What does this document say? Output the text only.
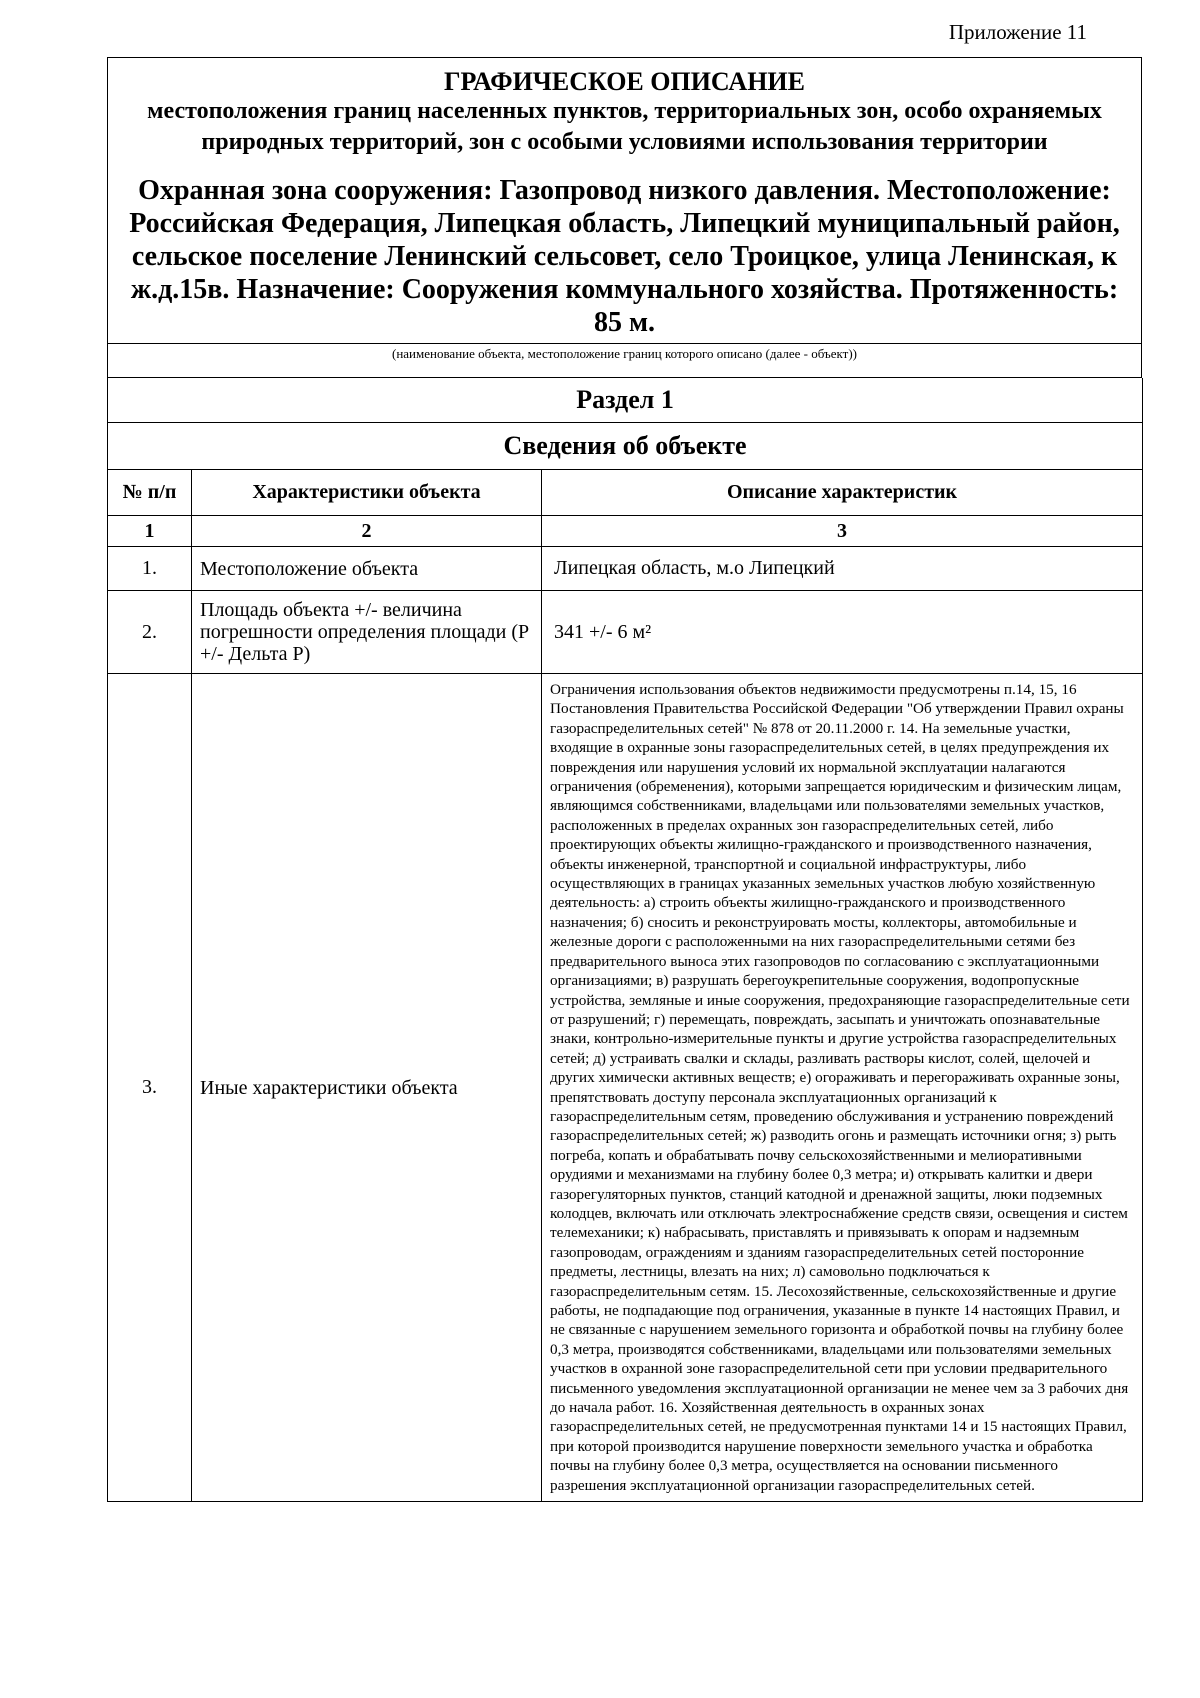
Приложение 11
ГРАФИЧЕСКОЕ ОПИСАНИЕ
местоположения границ населенных пунктов, территориальных зон, особо охраняемых природных территорий, зон с особыми условиями использования территории
Охранная зона сооружения: Газопровод низкого давления. Местоположение: Российская Федерация, Липецкая область, Липецкий муниципальный район, сельское поселение Ленинский сельсовет, село Троицкое, улица Ленинская, к ж.д.15в. Назначение: Сооружения коммунального хозяйства. Протяженность: 85 м.
(наименование объекта, местоположение границ которого описано (далее - объект))
Раздел 1		
Сведения об объекте		
№ п/п	Характеристики объекта	Описание характеристик
1	2	3
1.	Местоположение объекта	Липецкая область, м.о Липецкий
2.	Площадь объекта +/- величина погрешности определения площади (Р +/- Дельта Р)	341 +/- 6 м²
3.	Иные характеристики объекта	Ограничения использования объектов недвижимости предусмотрены п.14, 15, 16 Постановления Правительства Российской Федерации "Об утверждении Правил охраны газораспределительных сетей" № 878 от 20.11.2000 г. 14. На земельные участки, входящие в охранные зоны газораспределительных сетей, в целях предупреждения их повреждения или нарушения условий их нормальной эксплуатации налагаются ограничения (обременения), которыми запрещается юридическим и физическим лицам, являющимся собственниками, владельцами или пользователями земельных участков, расположенных в пределах охранных зон газораспределительных сетей, либо проектирующих объекты жилищно-гражданского и производственного назначения, объекты инженерной, транспортной и социальной инфраструктуры, либо осуществляющих в границах указанных земельных участков любую хозяйственную деятельность: а) строить объекты жилищно-гражданского и производственного назначения; б) сносить и реконструировать мосты, коллекторы, автомобильные и железные дороги с расположенными на них газораспределительными сетями без предварительного выноса этих газопроводов по согласованию с эксплуатационными организациями; в) разрушать берегоукрепительные сооружения, водопропускные устройства, земляные и иные сооружения, предохраняющие газораспределительные сети от разрушений; г) перемещать, повреждать, засыпать и уничтожать опознавательные знаки, контрольно-измерительные пункты и другие устройства газораспределительных сетей; д) устраивать свалки и склады, разливать растворы кислот, солей, щелочей и других химически активных веществ; е) огораживать и перегораживать охранные зоны, препятствовать доступу персонала эксплуатационных организаций к газораспределительным сетям, проведению обслуживания и устранению повреждений газораспределительных сетей; ж) разводить огонь и размещать источники огня; з) рыть погреба, копать и обрабатывать почву сельскохозяйственными и мелиоративными орудиями и механизмами на глубину более 0,3 метра; и) открывать калитки и двери газорегуляторных пунктов, станций катодной и дренажной защиты, люки подземных колодцев, включать или отключать электроснабжение средств связи, освещения и систем телемеханики; к) набрасывать, приставлять и привязывать к опорам и надземным газопроводам, ограждениям и зданиям газораспределительных сетей посторонние предметы, лестницы, влезать на них; л) самовольно подключаться к газораспределительным сетям. 15. Лесохозяйственные, сельскохозяйственные и другие работы, не подпадающие под ограничения, указанные в пункте 14 настоящих Правил, и не связанные с нарушением земельного горизонта и обработкой почвы на глубину более 0,3 метра, производятся собственниками, владельцами или пользователями земельных участков в охранной зоне газораспределительной сети при условии предварительного письменного уведомления эксплуатационной организации не менее чем за 3 рабочих дня до начала работ. 16. Хозяйственная деятельность в охранных зонах газораспределительных сетей, не предусмотренная пунктами 14 и 15 настоящих Правил, при которой производится нарушение поверхности земельного участка и обработка почвы на глубину более 0,3 метра, осуществляется на основании письменного разрешения эксплуатационной организации газораспределительных сетей.
